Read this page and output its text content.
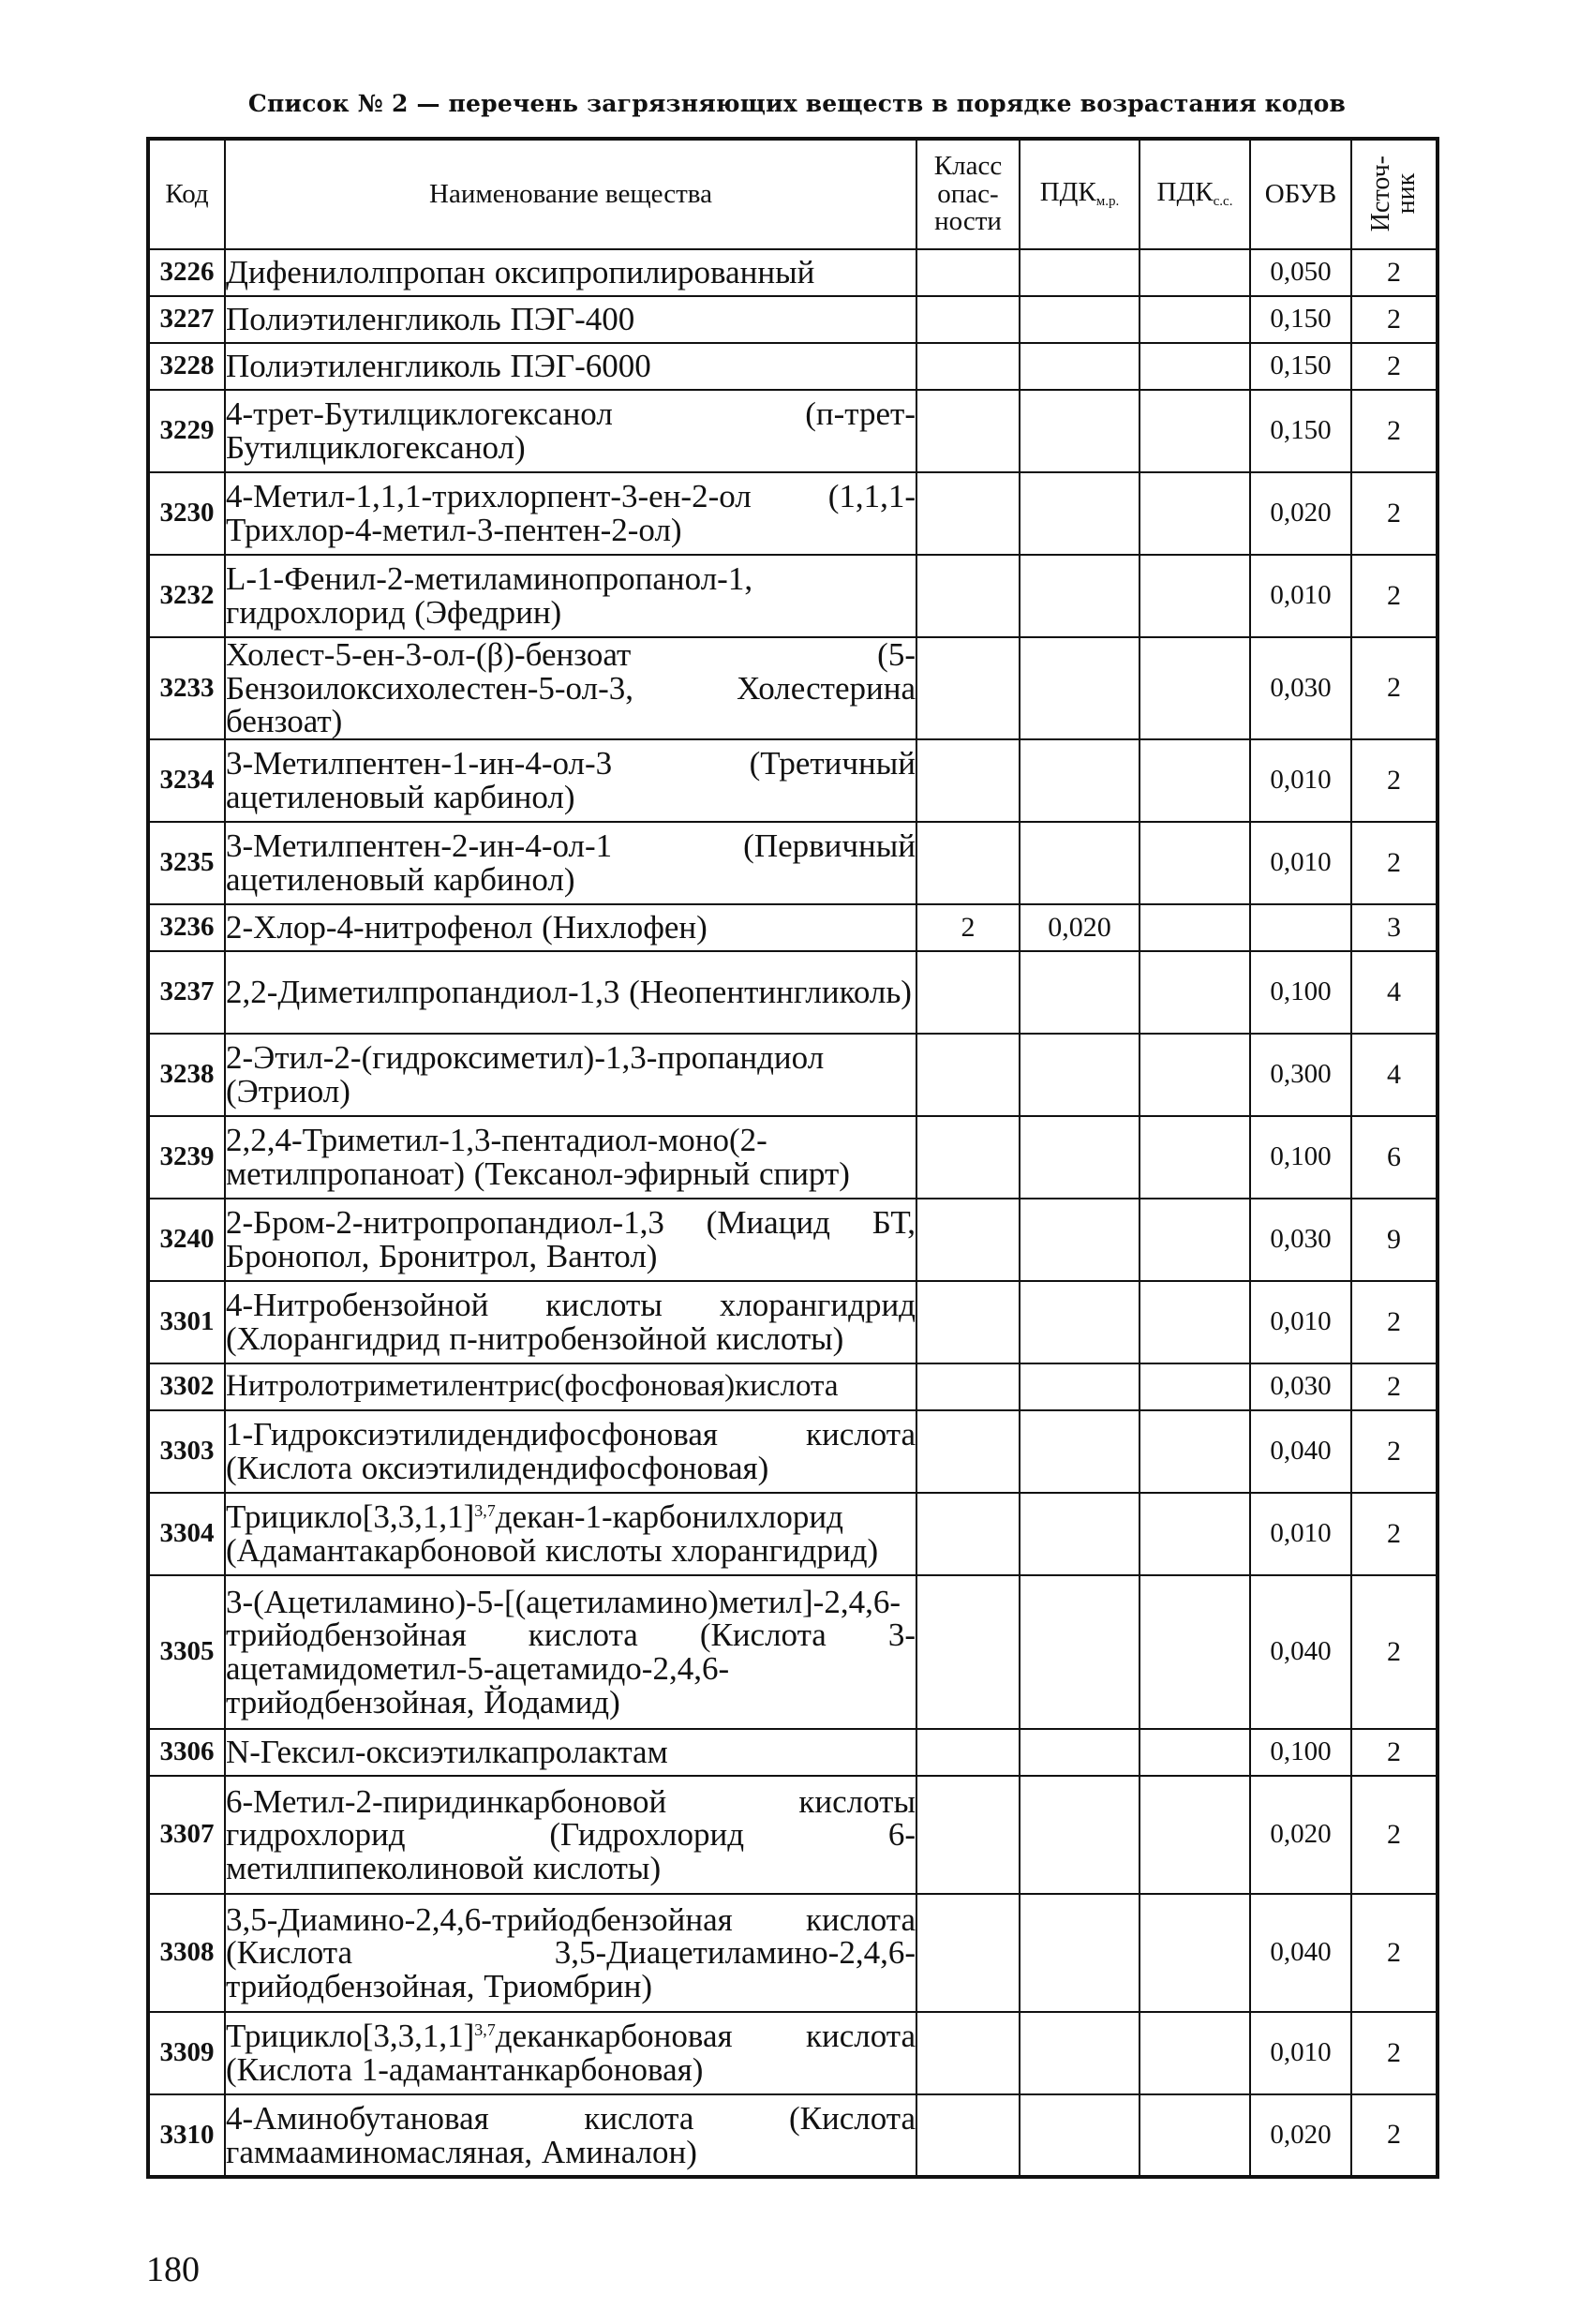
Список № 2 — перечень загрязняющих веществ в порядке возрастания кодов
Код	Наименование вещества	Класс
опас-
ности	$ПДК_{м.р.}$	$ПДК_{с.с.}$	ОБУВ	Источ-
ник
3226	Дифенилолпропан оксипропилированный				0,050	2
3227	Полиэтиленгликоль ПЭГ-400				0,150	2
3228	Полиэтиленгликоль ПЭГ-6000				0,150	2
3229	4-трет-Бутилциклогексанол (п-трет-Бутилциклогексанол)				0,150	2
3230	4-Метил-1,1,1-трихлорпент-3-ен-2-ол (1,1,1-Трихлор-4-метил-3-пентен-2-ол)				0,020	2
3232	L-1-Фенил-2-метиламинопропанол-1, гидрохлорид (Эфедрин)				0,010	2
3233	Холест-5-ен-3-ол-(β)-бензоат (5-Бензоилоксихолестен-5-ол-3, Холестерина бензоат)				0,030	2
3234	3-Метилпентен-1-ин-4-ол-3 (Третичный ацетиленовый карбинол)				0,010	2
3235	3-Метилпентен-2-ин-4-ол-1 (Первичный ацетиленовый карбинол)				0,010	2
3236	2-Хлор-4-нитрофенол (Нихлофен)	2	0,020			3
3237	2,2-Диметилпропандиол-1,3 (Неопентингликоль)				0,100	4
3238	2-Этил-2-(гидроксиметил)-1,3-пропандиол (Этриол)				0,300	4
3239	2,2,4-Триметил-1,3-пентадиол-моно(2-метилпропаноат) (Тексанол-эфирный спирт)				0,100	6
3240	2-Бром-2-нитропропандиол-1,3 (Миацид БТ, Бронопол, Бронитрол, Вантол)				0,030	9
3301	4-Нитробензойной кислоты хлорангидрид (Хлорангидрид п-нитробензойной кислоты)				0,010	2
3302	Нитролотриметилентрис(фосфоновая)кислота				0,030	2
3303	1-Гидроксиэтилидендифосфоновая кислота (Кислота оксиэтилидендифосфоновая)				0,040	2
3304	$Трицикло[3,3,1,1]^{3,7}декан-1$-карбонилхлорид (Адамантакарбоновой кислоты хлорангидрид)				0,010	2
3305	3-(Ацетиламино)-5-[(ацетиламино)метил]-2,4,6-трийодбензойная кислота (Кислота 3-ацетамидометил-5-ацетамидо-2,4,6-трийодбензойная, Йодамид)				0,040	2
3306	N-Гексил-оксиэтилкапролактам				0,100	2
3307	6-Метил-2-пиридинкарбоновой кислоты гидрохлорид (Гидрохлорид 6-метилпипеколиновой кислоты)				0,020	2
3308	3,5-Диамино-2,4,6-трийодбензойная кислота (Кислота 3,5-Диацетиламино-2,4,6-трийодбензойная, Триомбрин)				0,040	2
3309	$Трицикло[3,3,1,1]^{3,7}деканкарбоновая$ кислота (Кислота 1-адамантанкарбоновая)				0,010	2
3310	4-Аминобутановая кислота (Кислота гаммааминомасляная, Аминалон)				0,020	2
180
